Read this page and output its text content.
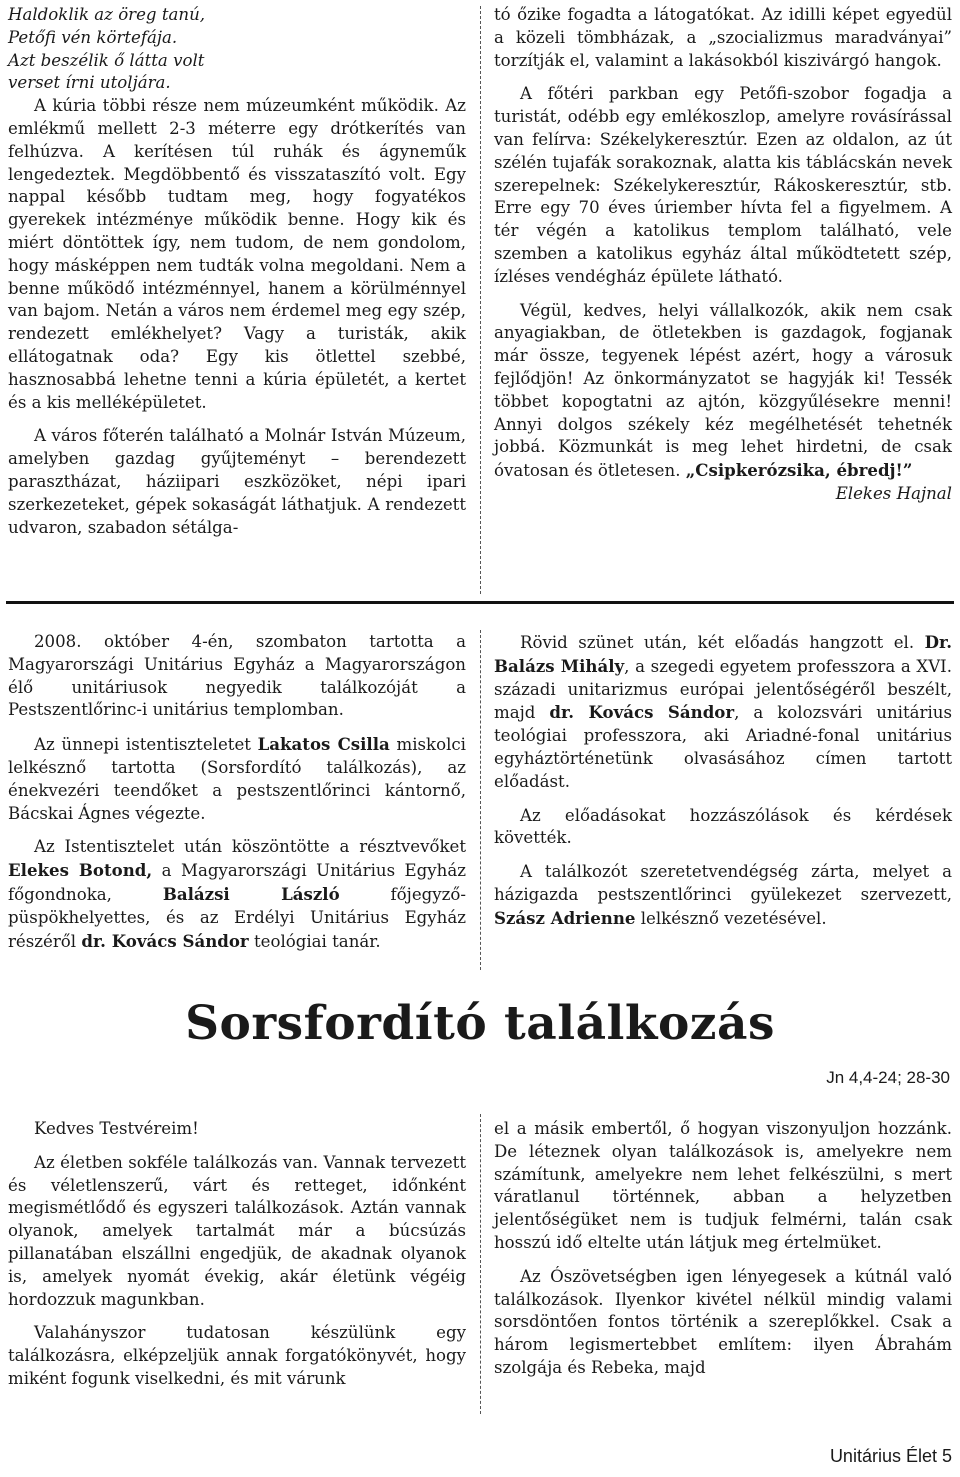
Haldoklik az öreg tanú,

Petőfi vén körtefája.

Azt beszélik ő látta volt

verset írni utoljára.

A kúria többi része nem múzeumként működik. Az emlékmű mellett 2-3 méterre egy drótkerítés van felhúzva. A kerítésen túl ruhák és ágyneműk lengedeztek. Megdöbbentő és visszataszító volt. Egy nappal később tudtam meg, hogy fogyatékos gyerekek intézménye működik benne. Hogy kik és miért döntöttek így, nem tudom, de nem gondolom, hogy másképpen nem tudták volna megoldani. Nem a benne működő intézménnyel, hanem a körülménnyel van bajom. Netán a város nem érdemel meg egy szép, rendezett emlékhelyet? Vagy a turisták, akik ellátogatnak oda? Egy kis ötlettel szebbé, hasznosabbá lehetne tenni a kúria épületét, a kertet és a kis melléképületet.

A város főterén található a Molnár István Múzeum, amelyben gazdag gyűjteményt – berendezett parasztházat, háziipari eszközöket, népi ipari szerkezeteket, gépek sokaságát láthatjuk. A rendezett udvaron, szabadon sétálga-

tó őzike fogadta a látogatókat. Az idilli képet egyedül a közeli tömbházak, a „szocializmus maradványai” torzítják el, valamint a lakásokból kiszivárgó hangok.

A főtéri parkban egy Petőfi-szobor fogadja a turistát, odébb egy emlékoszlop, amelyre rovásírással van felírva: Székelykeresztúr. Ezen az oldalon, az út szélén tujafák sorakoznak, alatta kis táblácskán nevek szerepelnek: Székelykeresztúr, Rákoskeresztúr, stb. Erre egy 70 éves úriember hívta fel a figyelmem. A tér végén a katolikus templom található, vele szemben a katolikus egyház által működtetett szép, ízléses vendégház épülete látható.

Végül, kedves, helyi vállalkozók, akik nem csak anyagiakban, de ötletekben is gazdagok, fogjanak már össze, tegyenek lépést azért, hogy a városuk fejlődjön! Az önkormányzatot se hagyják ki! Tessék többet kopogtatni az ajtón, közgyűlésekre menni! Annyi dolgos székely kéz megélhetését tehetnék jobbá. Közmunkát is meg lehet hirdetni, de csak óvatosan és ötletesen. „Csipkerózsika, ébredj!”

Elekes Hajnal

2008. október 4-én, szombaton tartotta a Magyarországi Unitárius Egyház a Magyarországon élő unitáriusok negyedik találkozóját a Pestszentlőrinc-i unitárius templomban.

Az ünnepi istentiszteletet Lakatos Csilla miskolci lelkésznő tartotta (Sorsfordító találkozás), az énekvezéri teendőket a pestszentlőrinci kántornő, Bácskai Ágnes végezte.

Az Istentisztelet után köszöntötte a résztvevőket Elekes Botond, a Magyarországi Unitárius Egyház főgondnoka, Balázsi László főjegyző-püspökhelyettes, és az Erdélyi Unitárius Egyház részéről dr. Kovács Sándor teológiai tanár.

Rövid szünet után, két előadás hangzott el. Dr. Balázs Mihály, a szegedi egyetem professzora a XVI. századi unitarizmus európai jelentőségéről beszélt, majd dr. Kovács Sándor, a kolozsvári unitárius teológiai professzora, aki Ariadné-fonal unitárius egyháztörténetünk olvasásához címen tartott előadást.

Az előadásokat hozzászólások és kérdések követték.

A találkozót szeretetvendégség zárta, melyet a házigazda pestszentlőrinci gyülekezet szervezett, Szász Adrienne lelkésznő vezetésével.

Sorsfordító találkozás
Jn 4,4-24; 28-30

Kedves Testvéreim!

Az életben sokféle találkozás van. Vannak tervezett és véletlenszerű, várt és retteget, időnként megismétlődő és egyszeri találkozások. Aztán vannak olyanok, amelyek tartalmát már a búcsúzás pillanatában elszállni engedjük, de akadnak olyanok is, amelyek nyomát évekig, akár életünk végéig hordozzuk magunkban.

Valahányszor tudatosan készülünk egy találkozásra, elképzeljük annak forgatókönyvét, hogy miként fogunk viselkedni, és mit várunk

el a másik embertől, ő hogyan viszonyuljon hozzánk. De léteznek olyan találkozások is, amelyekre nem számítunk, amelyekre nem lehet felkészülni, s mert váratlanul történnek, abban a helyzetben jelentőségüket nem is tudjuk felmérni, talán csak hosszú idő eltelte után látjuk meg értelmüket.

Az Ószövetségben igen lényegesek a kútnál való találkozások. Ilyenkor kivétel nélkül mindig valami sorsdöntően fontos történik a szereplőkkel. Csak a három legismertebbet említem: ilyen Ábrahám szolgája és Rebeka, majd

Unitárius Élet 5
